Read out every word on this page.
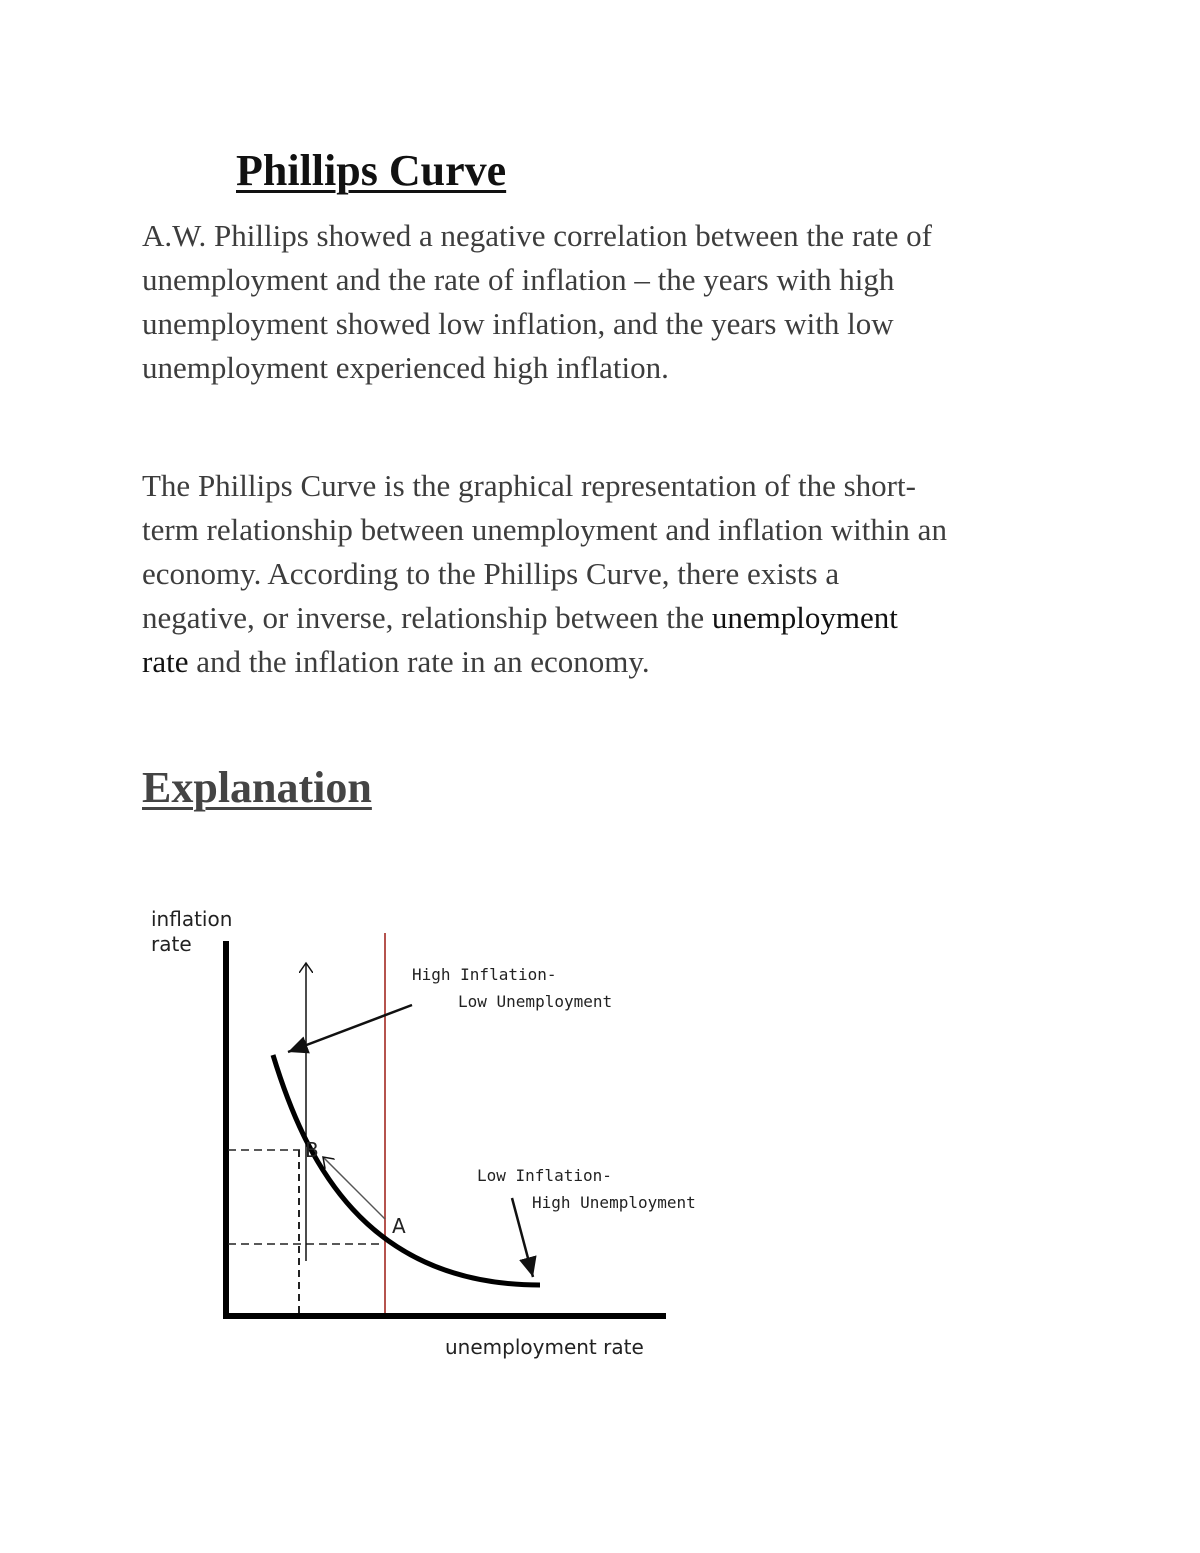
Phillips Curve
A.W. Phillips showed a negative correlation between the rate of
unemployment and the rate of inflation – the years with high
unemployment showed low inflation, and the years with low
unemployment experienced high inflation.
The Phillips Curve is the graphical representation of the short-
term relationship between unemployment and inflation within an
economy. According to the Phillips Curve, there exists a
negative, or inverse, relationship between the unemployment
rate and the inflation rate in an economy.
Explanation
inflation
rate
unemployment rate
B
A
High Inflation-
Low Unemployment
Low Inflation-
High Unemployment
